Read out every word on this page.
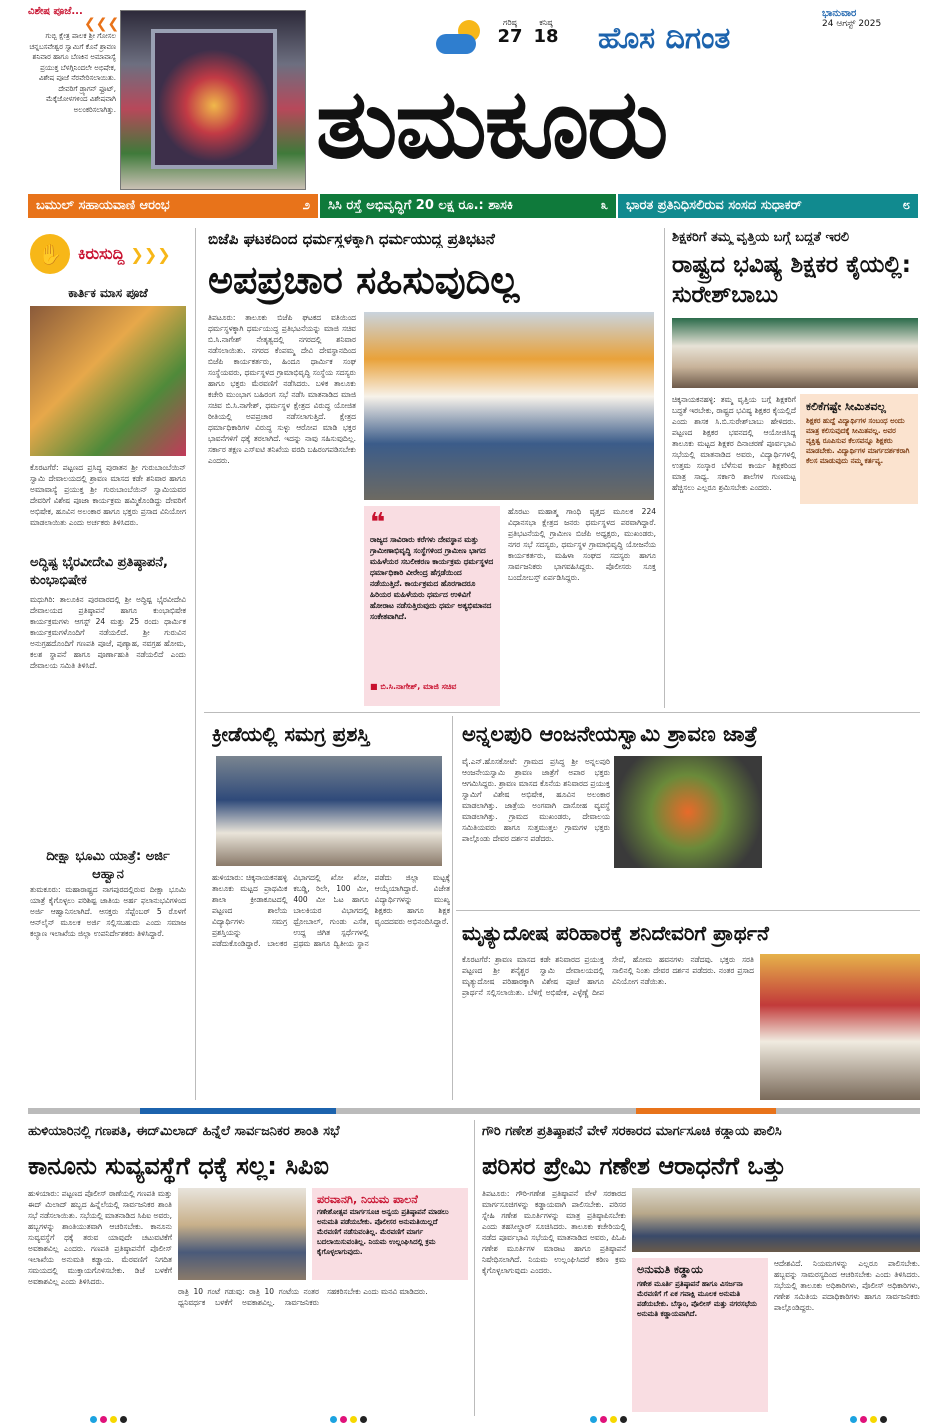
ವಿಶೇಷ ಪೂಜೆ...
❮❮❮
ಗುಬ್ಬಿ ಕ್ಷೇತ್ರ ಪಾಲಕ ಶ್ರೀ ಗೋಸಲ ಚನ್ನಬಸವೇಶ್ವರ ಸ್ವಾಮಿಗೆ ಕೊನೆ ಶ್ರಾವಣ ಶನಿವಾರ ಹಾಗೂ ಬೆಣಕಿನ ಅಮಾವಾಸ್ಯೆ ಪ್ರಯುಕ್ತ ಬೆಳಗ್ಗಿನಿಂದಲೇ ಅಭಿಷೇಕ, ವಿಶೇಷ ಪೂಜೆ ನೆರವೇರಿಸಲಾಯಿತು. ದೇವರಿಗೆ ಡ್ರ್ಯಾಗನ್ ಫ್ರೂಟ್, ಮೆಕ್ಕೆಜೋಳಗಳಿಂದ ವಿಶೇಷವಾಗಿ ಅಲಂಕರಿಸಲಾಗಿತ್ತು.
ಗರಿಷ್ಠ
27
ಕನಿಷ್ಠ
18 ಹೊಸ ದಿಗಂತ
ಭಾನುವಾರ
24 ಆಗಸ್ಟ್ 2025
ತುಮಕೂರು
ಬಮುಲ್ ಸಹಾಯವಾಣಿ ಆರಂಭ	೨ ಸಿಸಿ ರಸ್ತೆ ಅಭಿವೃದ್ಧಿಗೆ 20 ಲಕ್ಷ ರೂ.: ಶಾಸಕಿ	೩ ಭಾರತ ಪ್ರತಿನಿಧಿಸಲಿರುವ ಸಂಸದ ಸುಧಾಕರ್	೮
✋ ಕಿರುಸುದ್ದಿ ❯❯❯
ಕಾರ್ತಿಕ ಮಾಸ ಪೂಜೆ
ಕೊರಟಗೆರೆ: ಪಟ್ಟಣದ ಪ್ರಸಿದ್ಧ ಪುರಾತನ ಶ್ರೀ ಗುರುಬಾಂಬೆಯಿನ್ ಸ್ವಾಮಿ ದೇವಾಲಯದಲ್ಲಿ ಶ್ರಾವಣ ಮಾಸದ ಕಡೇ ಶನಿವಾರ ಹಾಗೂ ಅಮಾವಾಸ್ಯೆ ಪ್ರಯುಕ್ತ ಶ್ರೀ ಗುರುಬಾಂಬೆಯಿನ್ ಸ್ವಾಮಿಯವರ ದೇವರಿಗೆ ವಿಶೇಷ ಪೂಜಾ ಕಾರ್ಯಕ್ರಮ ಹಮ್ಮಿಕೊಂಡಿದ್ದು ದೇವರಿಗೆ ಅಭಿಷೇಕ, ಹೂವಿನ ಅಲಂಕಾರ ಹಾಗೂ ಭಕ್ತರು ಪ್ರಸಾದ ವಿನಿಯೋಗ ಮಾಡಲಾಯಿತು ಎಂದು ಅರ್ಚಕರು ತಿಳಿಸಿದರು.
ಅದ್ಧಿಷ್ಟ ಭೈರವೀದೇವಿ ಪ್ರತಿಷ್ಠಾಪನೆ, ಕುಂಭಾಭಿಷೇಕ
ಮಧುಗಿರಿ: ತಾಲೂಕಿನ ಪುರವಾರದಲ್ಲಿ ಶ್ರೀ ಅದ್ಧಿಷ್ಟ ಭೈರವೀದೇವಿ ದೇವಾಲಯದ ಪ್ರತಿಷ್ಠಾಪನೆ ಹಾಗೂ ಕುಂಭಾಭಿಷೇಕ ಕಾರ್ಯಕ್ರಮಗಳು ಆಗಸ್ಟ್ 24 ಮತ್ತು 25 ರಂದು ಧಾರ್ಮಿಕ ಕಾರ್ಯಕ್ರಮಗಳೊಂದಿಗೆ ನಡೆಯಲಿದೆ. ಶ್ರೀ ಗುರುವಿನ ಅನುಗ್ರಹದೊಂದಿಗೆ ಗಣಪತಿ ಪೂಜೆ, ಪುಣ್ಯಾಹ, ನವಗ್ರಹ ಹೋಮ, ಕಲಶ ಸ್ಥಾಪನೆ ಹಾಗೂ ಪೂರ್ಣಾಹುತಿ ನಡೆಯಲಿದೆ ಎಂದು ದೇವಾಲಯ ಸಮಿತಿ ತಿಳಿಸಿದೆ.
ದೀಕ್ಷಾ ಭೂಮಿ ಯಾತ್ರೆ: ಅರ್ಜಿ ಆಹ್ವಾನ
ತುಮಕೂರು: ಮಹಾರಾಷ್ಟ್ರದ ನಾಗಪುರದಲ್ಲಿರುವ ದೀಕ್ಷಾ ಭೂಮಿ ಯಾತ್ರೆ ಕೈಗೊಳ್ಳಲು ಪರಿಶಿಷ್ಟ ಜಾತಿಯ ಅರ್ಹ ಫಲಾನುಭವಿಗಳಿಂದ ಅರ್ಜಿ ಆಹ್ವಾನಿಸಲಾಗಿದೆ. ಆಸಕ್ತರು ಸೆಪ್ಟೆಂಬರ್ 5 ರೊಳಗೆ ಆನ್‌ಲೈನ್ ಮೂಲಕ ಅರ್ಜಿ ಸಲ್ಲಿಸಬಹುದು ಎಂದು ಸಮಾಜ ಕಲ್ಯಾಣ ಇಲಾಖೆಯ ಜಿಲ್ಲಾ ಉಪನಿರ್ದೇಶಕರು ತಿಳಿಸಿದ್ದಾರೆ.
ಬಿಜೆಪಿ ಘಟಕದಿಂದ ಧರ್ಮಸ್ಥಳಕ್ಕಾಗಿ ಧರ್ಮಯುದ್ಧ ಪ್ರತಿಭಟನೆ
ಅಪಪ್ರಚಾರ ಸಹಿಸುವುದಿಲ್ಲ
ತಿಪಟೂರು: ತಾಲೂಕು ಬಿಜೆಪಿ ಘಟಕದ ವತಿಯಿಂದ ಧರ್ಮಸ್ಥಳಕ್ಕಾಗಿ ಧರ್ಮಯುದ್ಧ ಪ್ರತಿಭಟನೆಯನ್ನು ಮಾಜಿ ಸಚಿವ ಬಿ.ಸಿ.ನಾಗೇಶ್ ನೇತೃತ್ವದಲ್ಲಿ ನಗರದಲ್ಲಿ ಶನಿವಾರ ನಡೆಸಲಾಯಿತು. ನಗರದ ಕೆಂಪಮ್ಮ ದೇವಿ ದೇವಸ್ಥಾನದಿಂದ ಬಿಜೆಪಿ ಕಾರ್ಯಕರ್ತರು, ಹಿಂದೂ ಧಾರ್ಮಿಕ ಸಂಘ ಸಂಸ್ಥೆಯವರು, ಧರ್ಮಸ್ಥಳದ ಗ್ರಾಮಾಭಿವೃದ್ಧಿ ಸಂಸ್ಥೆಯ ಸದಸ್ಯರು ಹಾಗೂ ಭಕ್ತರು ಮೆರವಣಿಗೆ ನಡೆಸಿದರು. ಬಳಿಕ ತಾಲೂಕು ಕಚೇರಿ ಮುಂಭಾಗ ಬಹಿರಂಗ ಸಭೆ ನಡೆಸಿ ಮಾತನಾಡಿದ ಮಾಜಿ ಸಚಿವ ಬಿ.ಸಿ.ನಾಗೇಶ್, ಧರ್ಮಸ್ಥಳ ಕ್ಷೇತ್ರದ ವಿರುದ್ಧ ಯೋಜಿತ ರೀತಿಯಲ್ಲಿ ಅಪಪ್ರಚಾರ ನಡೆಸಲಾಗುತ್ತಿದೆ. ಕ್ಷೇತ್ರದ ಧರ್ಮಾಧಿಕಾರಿಗಳ ವಿರುದ್ಧ ಸುಳ್ಳು ಆರೋಪ ಮಾಡಿ ಭಕ್ತರ ಭಾವನೆಗಳಿಗೆ ಧಕ್ಕೆ ತರಲಾಗಿದೆ. ಇದನ್ನು ನಾವು ಸಹಿಸುವುದಿಲ್ಲ. ಸರ್ಕಾರ ತಕ್ಷಣ ಎಸ್‌ಐಟಿ ತನಿಖೆಯ ವರದಿ ಬಹಿರಂಗಪಡಿಸಬೇಕು ಎಂದರು.
❝
ರಾಜ್ಯದ ಸಾವಿರಾರು ಕರೆಗಳು ದೇವಸ್ಥಾನ ಮತ್ತು ಗ್ರಾಮೀಣಾಭಿವೃದ್ಧಿ ಸಂಸ್ಥೆಗಳಿಂದ ಗ್ರಾಮೀಣ ಭಾಗದ ಮಹಿಳೆಯರ ಸಬಲೀಕರಣ ಕಾರ್ಯಕ್ರಮ ಧರ್ಮಸ್ಥಳದ ಧರ್ಮಾಧಿಕಾರಿ ವೀರೇಂದ್ರ ಹೆಗ್ಗಡೆಯಿಂದ ನಡೆಯುತ್ತಿದೆ. ಕಾರ್ಯಕ್ರಮದ ಹೊರಗಾದರೂ ಹಿರಿಯರ ಮಹಿಳೆಯರು ಧರ್ಮದ ಉಳಿವಿಗೆ ಹೋರಾಟ ನಡೆಸುತ್ತಿರುವುದು ಧರ್ಮ ಅತ್ಯಭಿಮಾನದ ಸಂಕೇತವಾಗಿದೆ.
■ ಬಿ.ಸಿ.ನಾಗೇಶ್, ಮಾಜಿ ಸಚಿವ
ಹೊರಟು ಮಹಾತ್ಮ ಗಾಂಧಿ ವೃತ್ತದ ಮೂಲಕ 224 ವಿಧಾನಸಭಾ ಕ್ಷೇತ್ರದ ಜನರು ಧರ್ಮಸ್ಥಳದ ಪರವಾಗಿದ್ದಾರೆ. ಪ್ರತಿಭಟನೆಯಲ್ಲಿ ಗ್ರಾಮೀಣ ಬಿಜೆಪಿ ಅಧ್ಯಕ್ಷರು, ಮುಖಂಡರು, ನಗರ ಸಭೆ ಸದಸ್ಯರು, ಧರ್ಮಸ್ಥಳ ಗ್ರಾಮಾಭಿವೃದ್ಧಿ ಯೋಜನೆಯ ಕಾರ್ಯಕರ್ತರು, ಮಹಿಳಾ ಸಂಘದ ಸದಸ್ಯರು ಹಾಗೂ ಸಾರ್ವಜನಿಕರು ಭಾಗವಹಿಸಿದ್ದರು. ಪೊಲೀಸರು ಸೂಕ್ತ ಬಂದೋಬಸ್ತ್ ಏರ್ಪಡಿಸಿದ್ದರು.
ಶಿಕ್ಷಕರಿಗೆ ತಮ್ಮ ವೃತ್ತಿಯ ಬಗ್ಗೆ ಬದ್ಧತೆ ಇರಲಿ
ರಾಷ್ಟ್ರದ ಭವಿಷ್ಯ ಶಿಕ್ಷಕರ ಕೈಯಲ್ಲಿ: ಸುರೇಶ್‌ಬಾಬು
ಚಿಕ್ಕನಾಯಕನಹಳ್ಳಿ: ತಮ್ಮ ವೃತ್ತಿಯ ಬಗ್ಗೆ ಶಿಕ್ಷಕರಿಗೆ ಬದ್ಧತೆ ಇರಬೇಕು, ರಾಷ್ಟ್ರದ ಭವಿಷ್ಯ ಶಿಕ್ಷಕರ ಕೈಯಲ್ಲಿದೆ ಎಂದು ಶಾಸಕ ಸಿ.ಬಿ.ಸುರೇಶ್‌ಬಾಬು ಹೇಳಿದರು. ಪಟ್ಟಣದ ಶಿಕ್ಷಕರ ಭವನದಲ್ಲಿ ಆಯೋಜಿಸಿದ್ದ ತಾಲೂಕು ಮಟ್ಟದ ಶಿಕ್ಷಕರ ದಿನಾಚರಣೆ ಪೂರ್ವಭಾವಿ ಸಭೆಯಲ್ಲಿ ಮಾತನಾಡಿದ ಅವರು, ವಿದ್ಯಾರ್ಥಿಗಳಲ್ಲಿ ಉತ್ತಮ ಸಂಸ್ಕಾರ ಬೆಳೆಸುವ ಕಾರ್ಯ ಶಿಕ್ಷಕರಿಂದ ಮಾತ್ರ ಸಾಧ್ಯ. ಸರ್ಕಾರಿ ಶಾಲೆಗಳ ಗುಣಮಟ್ಟ ಹೆಚ್ಚಿಸಲು ಎಲ್ಲರೂ ಶ್ರಮಿಸಬೇಕು ಎಂದರು.
ಕಲಿಕೆಗಷ್ಟೇ ಸೀಮಿತವಲ್ಲ
ಶಿಕ್ಷಕರ ಹುದ್ದೆ ವಿದ್ಯಾರ್ಥಿಗಳ ಸಂಬಂಧ ಅಂದು ಮಾತ್ರ ಕಲಿಸುವುದಕ್ಕೆ ಸೀಮಿತವಲ್ಲ. ಅವರ ವ್ಯಕ್ತಿತ್ವ ರೂಪಿಸುವ ಕೆಲಸವನ್ನೂ ಶಿಕ್ಷಕರು ಮಾಡಬೇಕು. ವಿದ್ಯಾರ್ಥಿಗಳ ಮಾರ್ಗದರ್ಶಕರಾಗಿ ಕೆಲಸ ಮಾಡುವುದು ನಮ್ಮ ಕರ್ತವ್ಯ.
ಕ್ರೀಡೆಯಲ್ಲಿ ಸಮಗ್ರ ಪ್ರಶಸ್ತಿ
ಹುಳಿಯಾರು: ಚಿಕ್ಕನಾಯಕನಹಳ್ಳಿ ತಾಲೂಕು ಮಟ್ಟದ ಪ್ರಾಥಮಿಕ ಶಾಲಾ ಕ್ರೀಡಾಕೂಟದಲ್ಲಿ ಪಟ್ಟಣದ ಶಾಲೆಯ ವಿದ್ಯಾರ್ಥಿಗಳು ಸಮಗ್ರ ಪ್ರಶಸ್ತಿಯನ್ನು ಪಡೆದುಕೊಂಡಿದ್ದಾರೆ. ಬಾಲಕರ ವಿಭಾಗದಲ್ಲಿ ಖೋ ಖೋ, ಕಬಡ್ಡಿ, ರಿಲೇ, 100 ಮೀ, 400 ಮೀ ಓಟ ಹಾಗೂ ಬಾಲಕಿಯರ ವಿಭಾಗದಲ್ಲಿ ಥ್ರೋಬಾಲ್, ಗುಂಡು ಎಸೆತ, ಉದ್ದ ಜಿಗಿತ ಸ್ಪರ್ಧೆಗಳಲ್ಲಿ ಪ್ರಥಮ ಹಾಗೂ ದ್ವಿತೀಯ ಸ್ಥಾನ ಪಡೆದು ಜಿಲ್ಲಾ ಮಟ್ಟಕ್ಕೆ ಆಯ್ಕೆಯಾಗಿದ್ದಾರೆ. ವಿಜೇತ ವಿದ್ಯಾರ್ಥಿಗಳನ್ನು ಮುಖ್ಯ ಶಿಕ್ಷಕರು ಹಾಗೂ ಶಿಕ್ಷಕ ವೃಂದದವರು ಅಭಿನಂದಿಸಿದ್ದಾರೆ.
ಅನ್ನಲಪುರಿ ಆಂಜನೇಯಸ್ವಾಮಿ ಶ್ರಾವಣ ಜಾತ್ರೆ
ವೈ.ಎನ್.ಹೊಸಕೋಟೆ: ಗ್ರಾಮದ ಪ್ರಸಿದ್ಧ ಶ್ರೀ ಅನ್ನಲಪುರಿ ಆಂಜನೇಯಸ್ವಾಮಿ ಶ್ರಾವಣ ಜಾತ್ರೆಗೆ ಅಪಾರ ಭಕ್ತರು ಆಗಮಿಸಿದ್ದರು. ಶ್ರಾವಣ ಮಾಸದ ಕೊನೆಯ ಶನಿವಾರದ ಪ್ರಯುಕ್ತ ಸ್ವಾಮಿಗೆ ವಿಶೇಷ ಅಭಿಷೇಕ, ಹೂವಿನ ಅಲಂಕಾರ ಮಾಡಲಾಗಿತ್ತು. ಜಾತ್ರೆಯ ಅಂಗವಾಗಿ ದಾಸೋಹ ವ್ಯವಸ್ಥೆ ಮಾಡಲಾಗಿತ್ತು. ಗ್ರಾಮದ ಮುಖಂಡರು, ದೇವಾಲಯ ಸಮಿತಿಯವರು ಹಾಗೂ ಸುತ್ತಮುತ್ತಲ ಗ್ರಾಮಗಳ ಭಕ್ತರು ಪಾಲ್ಗೊಂಡು ದೇವರ ದರ್ಶನ ಪಡೆದರು.
ಮೃತ್ಯುದೋಷ ಪರಿಹಾರಕ್ಕೆ ಶನಿದೇವರಿಗೆ ಪ್ರಾರ್ಥನೆ
ಕೊರಟಗೆರೆ: ಶ್ರಾವಣ ಮಾಸದ ಕಡೇ ಶನಿವಾರದ ಪ್ರಯುಕ್ತ ಪಟ್ಟಣದ ಶ್ರೀ ಶನೈಶ್ಚರ ಸ್ವಾಮಿ ದೇವಾಲಯದಲ್ಲಿ ಮೃತ್ಯುದೋಷ ಪರಿಹಾರಕ್ಕಾಗಿ ವಿಶೇಷ ಪೂಜೆ ಹಾಗೂ ಪ್ರಾರ್ಥನೆ ಸಲ್ಲಿಸಲಾಯಿತು. ಬೆಳಿಗ್ಗೆ ಅಭಿಷೇಕ, ಎಳ್ಳೆಣ್ಣೆ ದೀಪ ಸೇವೆ, ಹೋಮ ಹವನಗಳು ನಡೆದವು. ಭಕ್ತರು ಸರತಿ ಸಾಲಿನಲ್ಲಿ ನಿಂತು ದೇವರ ದರ್ಶನ ಪಡೆದರು. ನಂತರ ಪ್ರಸಾದ ವಿನಿಯೋಗ ನಡೆಯಿತು.
ಹುಳಿಯಾರಿನಲ್ಲಿ ಗಣಪತಿ, ಈದ್‌ಮಿಲಾದ್ ಹಿನ್ನೆಲೆ ಸಾರ್ವಜನಿಕರ ಶಾಂತಿ ಸಭೆ
ಕಾನೂನು ಸುವ್ಯವಸ್ಥೆಗೆ ಧಕ್ಕೆ ಸಲ್ಲ: ಸಿಪಿಐ
ಹುಳಿಯಾರು: ಪಟ್ಟಣದ ಪೊಲೀಸ್ ಠಾಣೆಯಲ್ಲಿ ಗಣಪತಿ ಮತ್ತು ಈದ್ ಮಿಲಾದ್ ಹಬ್ಬದ ಹಿನ್ನೆಲೆಯಲ್ಲಿ ಸಾರ್ವಜನಿಕರ ಶಾಂತಿ ಸಭೆ ನಡೆಸಲಾಯಿತು. ಸಭೆಯಲ್ಲಿ ಮಾತನಾಡಿದ ಸಿಪಿಐ ಅವರು, ಹಬ್ಬಗಳನ್ನು ಶಾಂತಿಯುತವಾಗಿ ಆಚರಿಸಬೇಕು. ಕಾನೂನು ಸುವ್ಯವಸ್ಥೆಗೆ ಧಕ್ಕೆ ತರುವ ಯಾವುದೇ ಚಟುವಟಿಕೆಗೆ ಅವಕಾಶವಿಲ್ಲ ಎಂದರು. ಗಣಪತಿ ಪ್ರತಿಷ್ಠಾಪನೆಗೆ ಪೊಲೀಸ್ ಇಲಾಖೆಯ ಅನುಮತಿ ಕಡ್ಡಾಯ. ಮೆರವಣಿಗೆ ನಿಗದಿತ ಸಮಯದಲ್ಲಿ ಮುಕ್ತಾಯಗೊಳಿಸಬೇಕು. ಡಿಜೆ ಬಳಕೆಗೆ ಅವಕಾಶವಿಲ್ಲ ಎಂದು ತಿಳಿಸಿದರು.
ಪರವಾನಗಿ, ನಿಯಮ ಪಾಲನೆ
ಗಣೇಶೋತ್ಸವ ಮಾರ್ಗಸೂಚಿ ಅನ್ವಯ ಪ್ರತಿಷ್ಠಾಪನೆ ಮಾಡಲು ಅನುಮತಿ ಪಡೆಯಬೇಕು. ಪೊಲೀಸರ ಅನುಮತಿಯಿಲ್ಲದೆ ಮೆರವಣಿಗೆ ನಡೆಸುವಂತಿಲ್ಲ. ಮೆರವಣಿಗೆ ಮಾರ್ಗ ಬದಲಾಯಿಸುವಂತಿಲ್ಲ. ನಿಯಮ ಉಲ್ಲಂಘಿಸಿದಲ್ಲಿ ಕ್ರಮ ಕೈಗೊಳ್ಳಲಾಗುವುದು.
ರಾತ್ರಿ 10 ಗಂಟೆ ಗಡುವು: ರಾತ್ರಿ 10 ಗಂಟೆಯ ನಂತರ ಧ್ವನಿವರ್ಧಕ ಬಳಕೆಗೆ ಅವಕಾಶವಿಲ್ಲ. ಸಾರ್ವಜನಿಕರು ಸಹಕರಿಸಬೇಕು ಎಂದು ಮನವಿ ಮಾಡಿದರು.
ಗೌರಿ ಗಣೇಶ ಪ್ರತಿಷ್ಠಾಪನೆ ವೇಳೆ ಸರಕಾರದ ಮಾರ್ಗಸೂಚಿ ಕಡ್ಡಾಯ ಪಾಲಿಸಿ
ಪರಿಸರ ಪ್ರೇಮಿ ಗಣೇಶ ಆರಾಧನೆಗೆ ಒತ್ತು
ತಿಪಟೂರು: ಗೌರಿ-ಗಣೇಶ ಪ್ರತಿಷ್ಠಾಪನೆ ವೇಳೆ ಸರಕಾರದ ಮಾರ್ಗಸೂಚಿಗಳನ್ನು ಕಡ್ಡಾಯವಾಗಿ ಪಾಲಿಸಬೇಕು. ಪರಿಸರ ಸ್ನೇಹಿ ಗಣೇಶ ಮೂರ್ತಿಗಳನ್ನು ಮಾತ್ರ ಪ್ರತಿಷ್ಠಾಪಿಸಬೇಕು ಎಂದು ತಹಸೀಲ್ದಾರ್ ಸೂಚಿಸಿದರು. ತಾಲೂಕು ಕಚೇರಿಯಲ್ಲಿ ನಡೆದ ಪೂರ್ವಭಾವಿ ಸಭೆಯಲ್ಲಿ ಮಾತನಾಡಿದ ಅವರು, ಪಿಓಪಿ ಗಣೇಶ ಮೂರ್ತಿಗಳ ಮಾರಾಟ ಹಾಗೂ ಪ್ರತಿಷ್ಠಾಪನೆ ನಿಷೇಧಿಸಲಾಗಿದೆ. ನಿಯಮ ಉಲ್ಲಂಘಿಸಿದರೆ ಕಠಿಣ ಕ್ರಮ ಕೈಗೊಳ್ಳಲಾಗುವುದು ಎಂದರು.	ಅನುಮತಿ ಕಡ್ಡಾಯ
ಗಣೇಶ ಮೂರ್ತಿ ಪ್ರತಿಷ್ಠಾಪನೆ ಹಾಗೂ ವಿಸರ್ಜನಾ ಮೆರವಣಿಗೆ ಗೆ ಏಕ ಗವಾಕ್ಷಿ ಮೂಲಕ ಅನುಮತಿ ಪಡೆಯಬೇಕು. ಬೆಸ್ಕಾಂ, ಪೊಲೀಸ್ ಮತ್ತು ನಗರಸಭೆಯ ಅನುಮತಿ ಕಡ್ಡಾಯವಾಗಿದೆ.
ಆದೇಶವಿದೆ. ನಿಯಮಗಳನ್ನು ಎಲ್ಲರೂ ಪಾಲಿಸಬೇಕು. ಹಬ್ಬವನ್ನು ಸಾಮರಸ್ಯದಿಂದ ಆಚರಿಸಬೇಕು ಎಂದು ತಿಳಿಸಿದರು. ಸಭೆಯಲ್ಲಿ ತಾಲೂಕು ಅಧಿಕಾರಿಗಳು, ಪೊಲೀಸ್ ಅಧಿಕಾರಿಗಳು, ಗಣೇಶ ಸಮಿತಿಯ ಪದಾಧಿಕಾರಿಗಳು ಹಾಗೂ ಸಾರ್ವಜನಿಕರು ಪಾಲ್ಗೊಂಡಿದ್ದರು.
